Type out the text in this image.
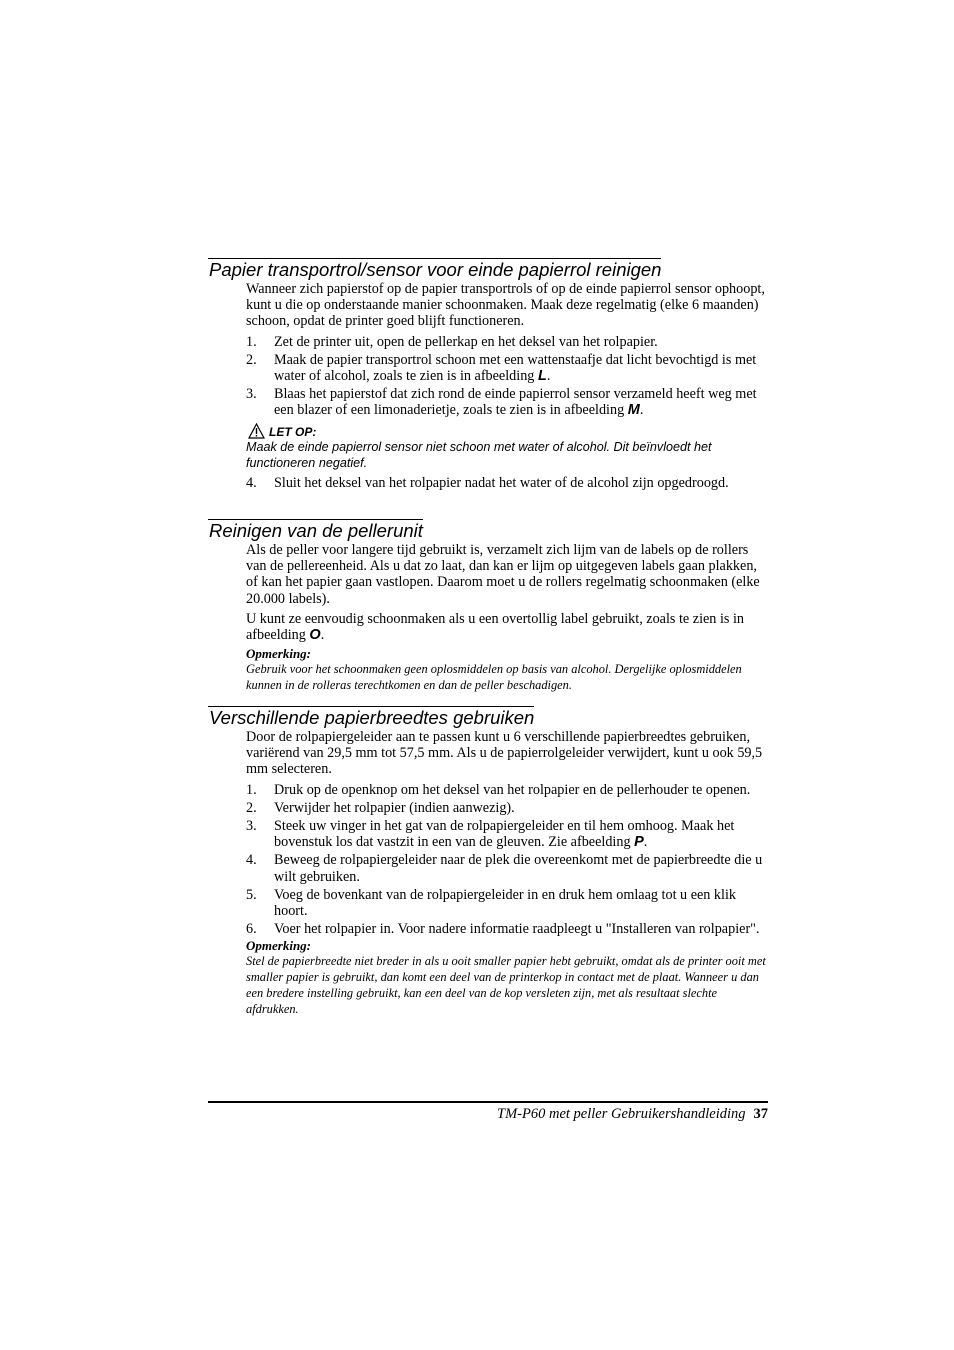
Papier transportrol/sensor voor einde papierrol reinigen

Wanneer zich papierstof op de papier transportrols of op de einde papierrol sensor ophoopt, kunt u die op onderstaande manier schoonmaken. Maak deze regelmatig (elke 6 maanden) schoon, opdat de printer goed blijft functioneren.

1. Zet de printer uit, open de pellerkap en het deksel van het rolpapier.
2. Maak de papier transportrol schoon met een wattenstaafje dat licht bevochtigd is met water of alcohol, zoals te zien is in afbeelding L.
3. Blaas het papierstof dat zich rond de einde papierrol sensor verzameld heeft weg met een blazer of een limonaderietje, zoals te zien is in afbeelding M.
LET OP:
Maak de einde papierrol sensor niet schoon met water of alcohol. Dit beïnvloedt het functioneren negatief.
4. Sluit het deksel van het rolpapier nadat het water of de alcohol zijn opgedroogd.
Reinigen van de pellerunit

Als de peller voor langere tijd gebruikt is, verzamelt zich lijm van de labels op de rollers van de pellereenheid. Als u dat zo laat, dan kan er lijm op uitgegeven labels gaan plakken, of kan het papier gaan vastlopen. Daarom moet u de rollers regelmatig schoonmaken (elke 20.000 labels).

U kunt ze eenvoudig schoonmaken als u een overtollig label gebruikt, zoals te zien is in afbeelding O.

Opmerking:
Gebruik voor het schoonmaken geen oplosmiddelen op basis van alcohol. Dergelijke oplosmiddelen kunnen in de rolleras terechtkomen en dan de peller beschadigen.
Verschillende papierbreedtes gebruiken

Door de rolpapiergeleider aan te passen kunt u 6 verschillende papierbreedtes gebruiken, variërend van 29,5 mm tot 57,5 mm. Als u de papierrolgeleider verwijdert, kunt u ook 59,5 mm selecteren.

1. Druk op de openknop om het deksel van het rolpapier en de pellerhouder te openen.
2. Verwijder het rolpapier (indien aanwezig).
3. Steek uw vinger in het gat van de rolpapiergeleider en til hem omhoog. Maak het bovenstuk los dat vastzit in een van de gleuven. Zie afbeelding P.
4. Beweeg de rolpapiergeleider naar de plek die overeenkomt met de papierbreedte die u wilt gebruiken.
5. Voeg de bovenkant van de rolpapiergeleider in en druk hem omlaag tot u een klik hoort.
6. Voer het rolpapier in. Voor nadere informatie raadpleegt u "Installeren van rolpapier".
Opmerking:
Stel de papierbreedte niet breder in als u ooit smaller papier hebt gebruikt, omdat als de printer ooit met smaller papier is gebruikt, dan komt een deel van de printerkop in contact met de plaat. Wanneer u dan een bredere instelling gebruikt, kan een deel van de kop versleten zijn, met als resultaat slechte afdrukken.
TM-P60 met peller Gebruikershandleiding 37
